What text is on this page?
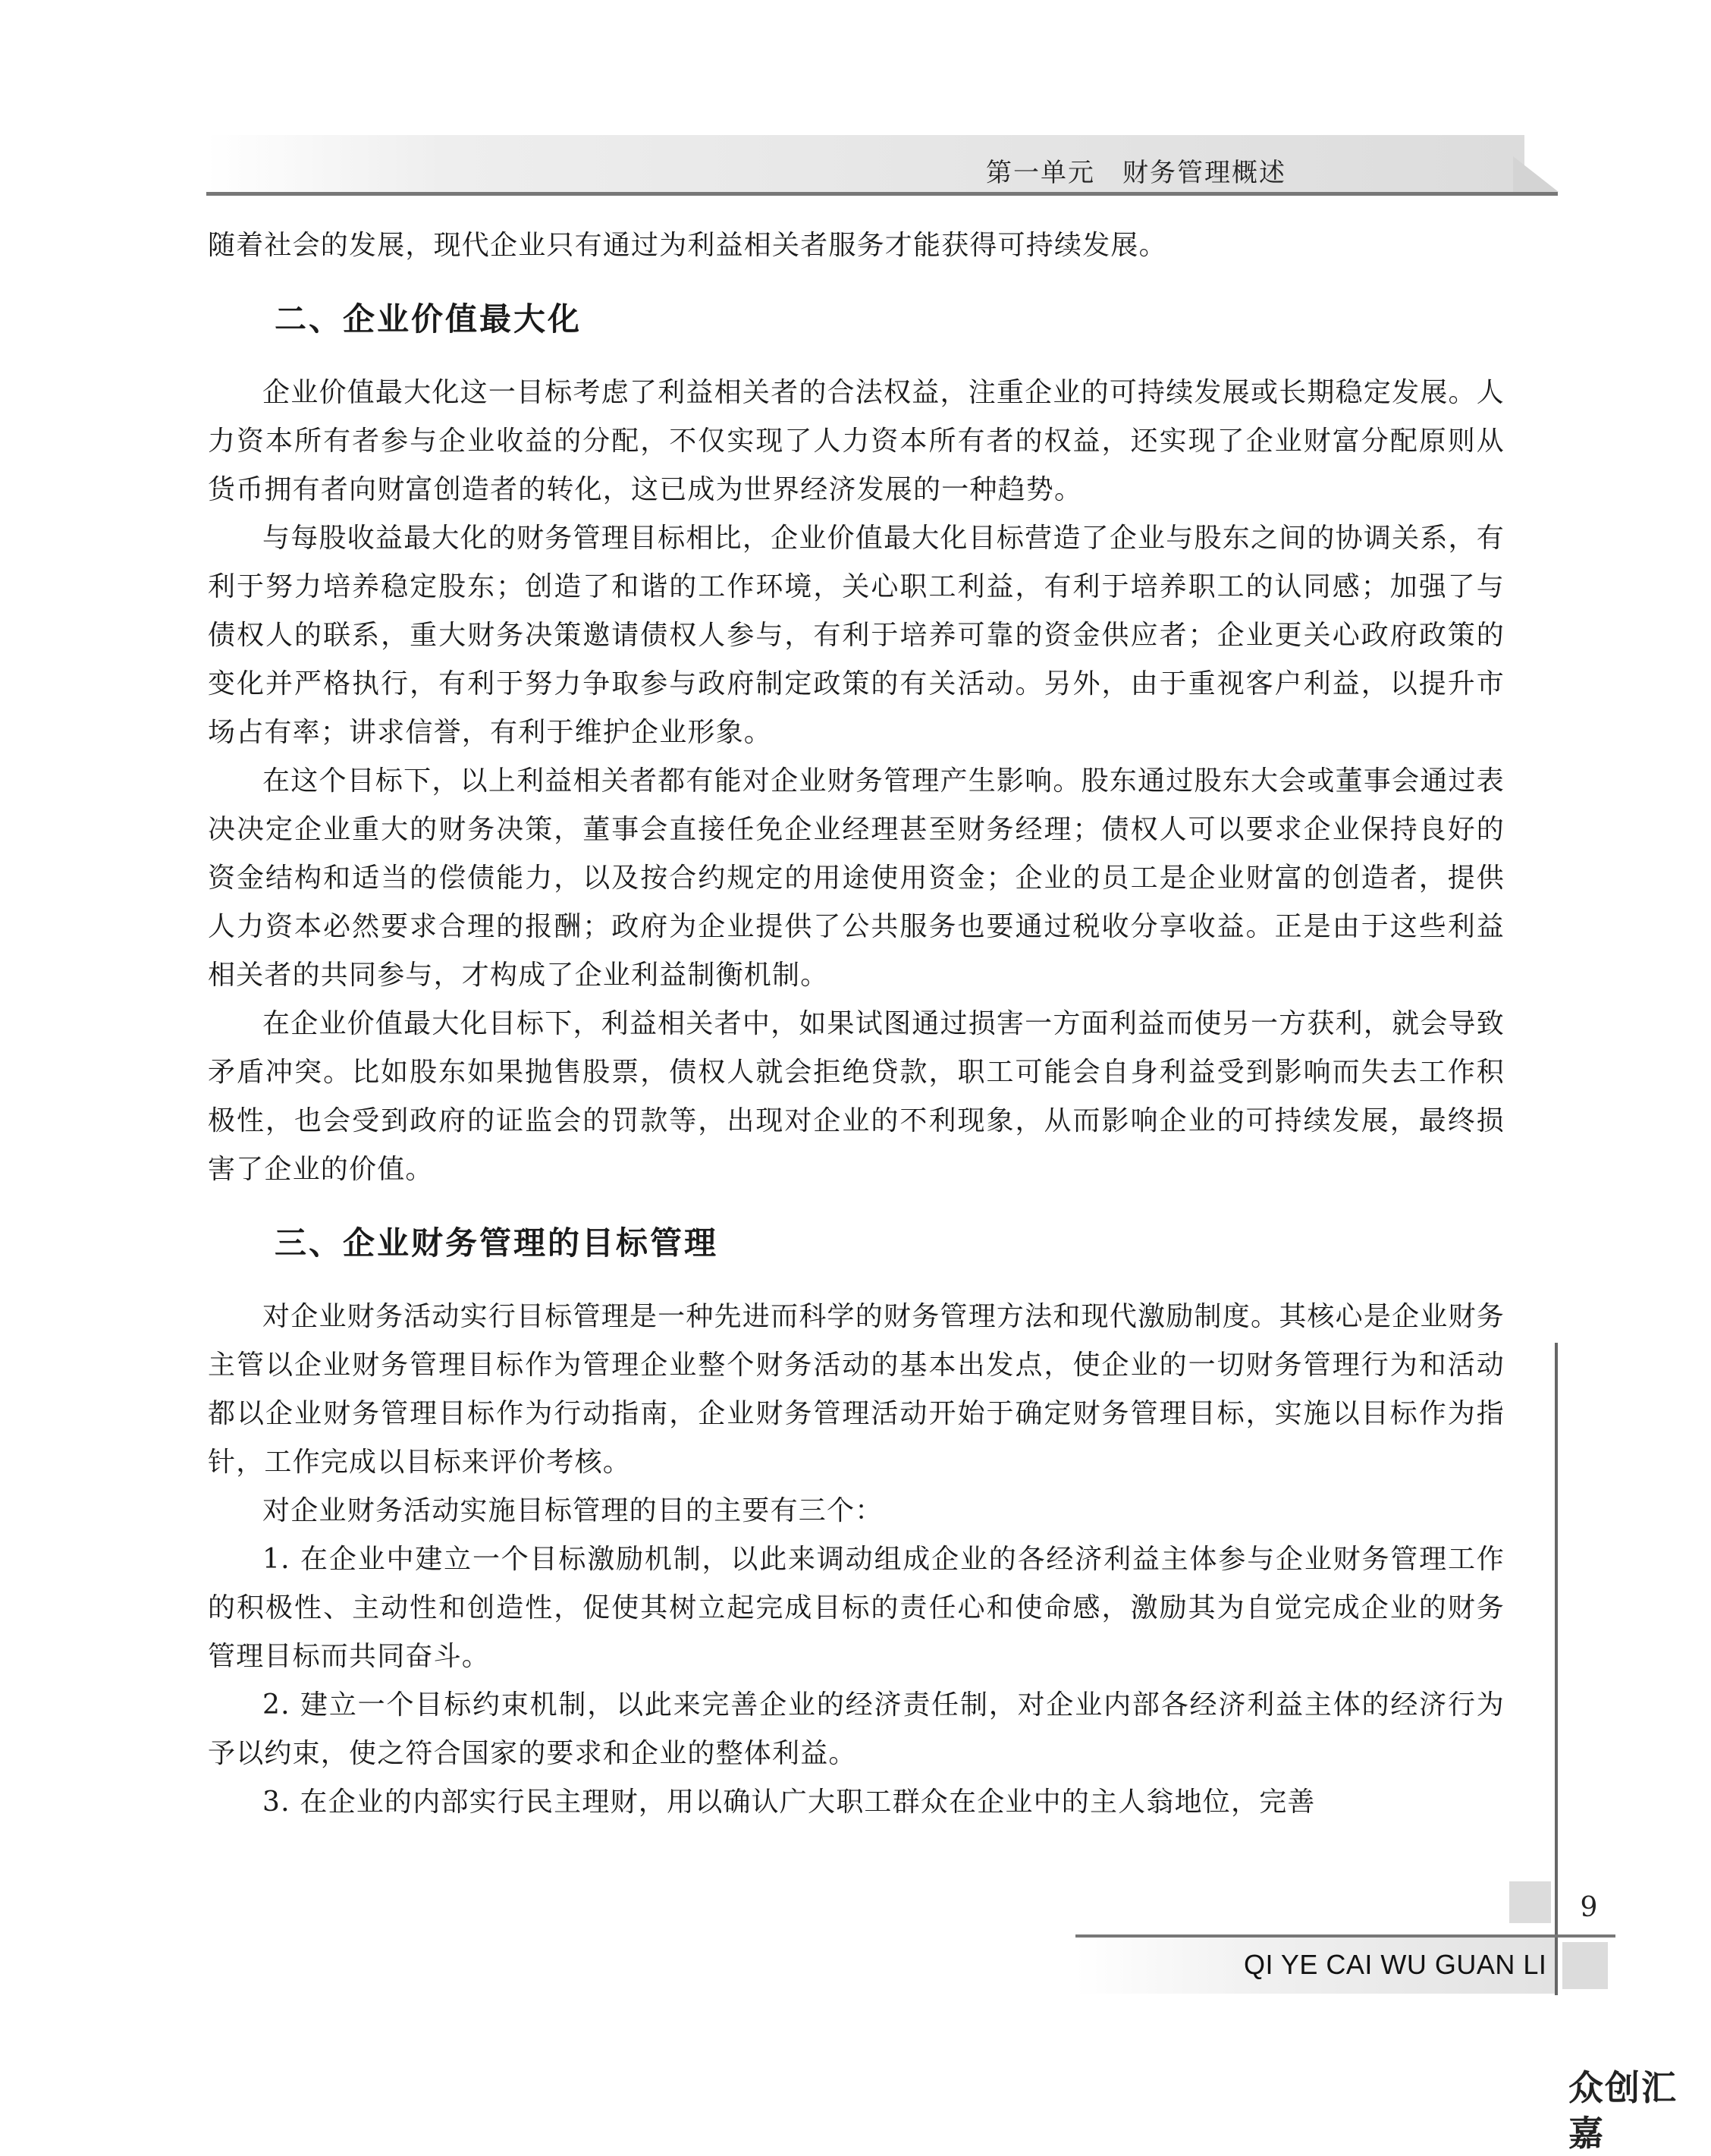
第一单元　财务管理概述

随着社会的发展，现代企业只有通过为利益相关者服务才能获得可持续发展。

二、企业价值最大化

企业价值最大化这一目标考虑了利益相关者的合法权益，注重企业的可持续发展或长期稳定发展。人力资本所有者参与企业收益的分配，不仅实现了人力资本所有者的权益，还实现了企业财富分配原则从货币拥有者向财富创造者的转化，这已成为世界经济发展的一种趋势。

与每股收益最大化的财务管理目标相比，企业价值最大化目标营造了企业与股东之间的协调关系，有利于努力培养稳定股东；创造了和谐的工作环境，关心职工利益，有利于培养职工的认同感；加强了与债权人的联系，重大财务决策邀请债权人参与，有利于培养可靠的资金供应者；企业更关心政府政策的变化并严格执行，有利于努力争取参与政府制定政策的有关活动。另外，由于重视客户利益，以提升市场占有率；讲求信誉，有利于维护企业形象。

在这个目标下，以上利益相关者都有能对企业财务管理产生影响。股东通过股东大会或董事会通过表决决定企业重大的财务决策，董事会直接任免企业经理甚至财务经理；债权人可以要求企业保持良好的资金结构和适当的偿债能力，以及按合约规定的用途使用资金；企业的员工是企业财富的创造者，提供人力资本必然要求合理的报酬；政府为企业提供了公共服务也要通过税收分享收益。正是由于这些利益相关者的共同参与，才构成了企业利益制衡机制。

在企业价值最大化目标下，利益相关者中，如果试图通过损害一方面利益而使另一方获利，就会导致矛盾冲突。比如股东如果抛售股票，债权人就会拒绝贷款，职工可能会自身利益受到影响而失去工作积极性，也会受到政府的证监会的罚款等，出现对企业的不利现象，从而影响企业的可持续发展，最终损害了企业的价值。

三、企业财务管理的目标管理

对企业财务活动实行目标管理是一种先进而科学的财务管理方法和现代激励制度。其核心是企业财务主管以企业财务管理目标作为管理企业整个财务活动的基本出发点，使企业的一切财务管理行为和活动都以企业财务管理目标作为行动指南，企业财务管理活动开始于确定财务管理目标，实施以目标作为指针，工作完成以目标来评价考核。

对企业财务活动实施目标管理的目的主要有三个：

1. 在企业中建立一个目标激励机制，以此来调动组成企业的各经济利益主体参与企业财务管理工作的积极性、主动性和创造性，促使其树立起完成目标的责任心和使命感，激励其为自觉完成企业的财务管理目标而共同奋斗。

2. 建立一个目标约束机制，以此来完善企业的经济责任制，对企业内部各经济利益主体的经济行为予以约束，使之符合国家的要求和企业的整体利益。

3. 在企业的内部实行民主理财，用以确认广大职工群众在企业中的主人翁地位，完善

9
QI YE CAI WU GUAN LI
众创汇嘉
